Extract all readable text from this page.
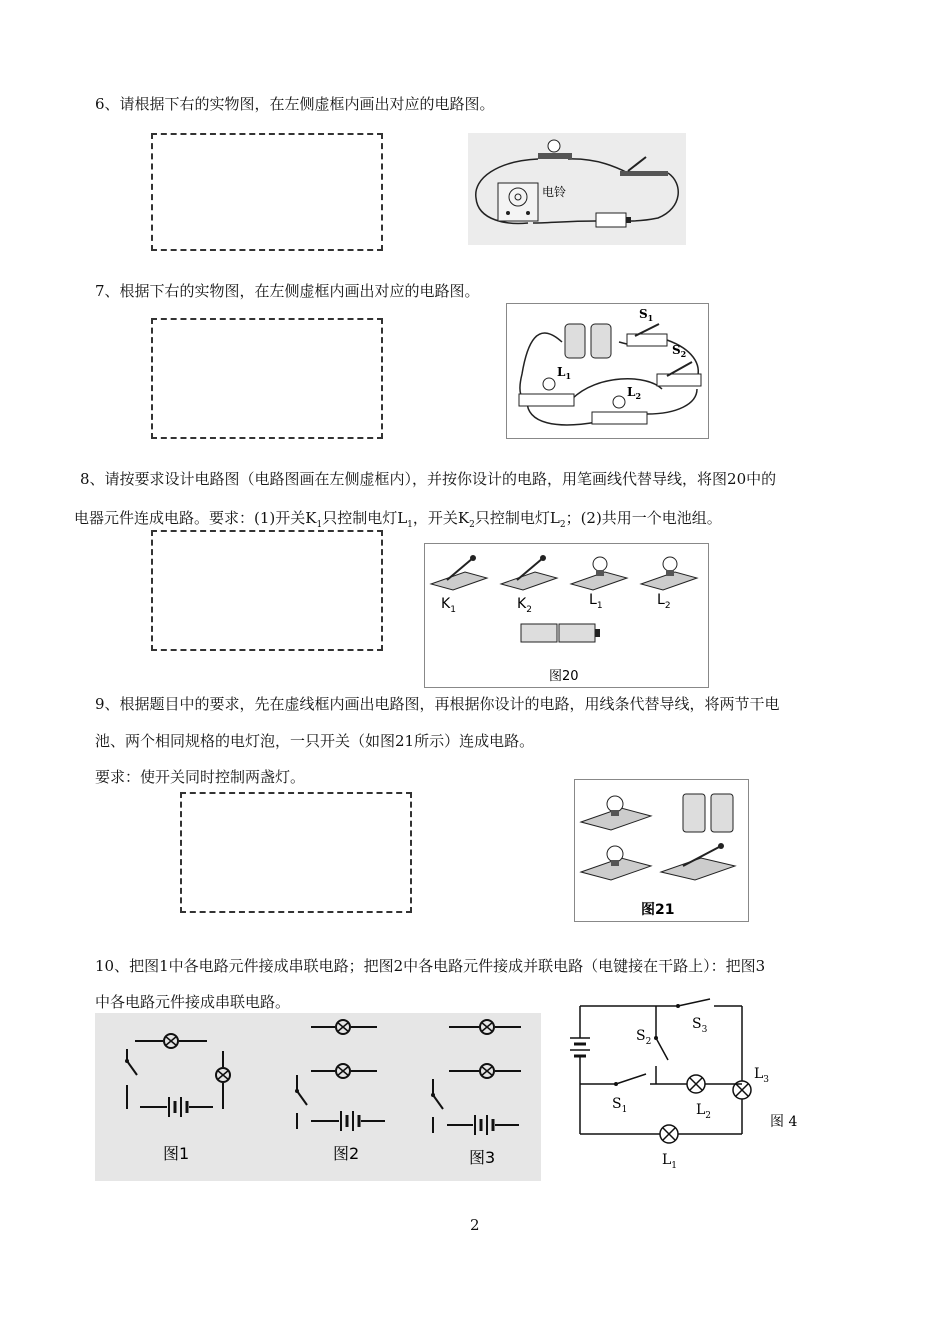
6、请根据下右的实物图，在左侧虚框内画出对应的电路图。
电铃
7、根据下右的实物图，在左侧虚框内画出对应的电路图。
$S_1$
$S_2$
$L_1$
$L_2$
8、请按要求设计电路图（电路图画在左侧虚框内），并按你设计的电路，用笔画线代替导线，将图20中的
电器元件连成电路。要求：(1)开关$K_1$只控制电灯$L_1$，开关$K_2$只控制电灯$L_2$；(2)共用一个电池组。
$K_1$	$K_2$
$L_1$	$L_2$
图20
9、根据题目中的要求，先在虚线框内画出电路图，再根据你设计的电路，用线条代替导线，将两节干电
池、两个相同规格的电灯泡，一只开关（如图21所示）连成电路。
要求：使开关同时控制两盏灯。
图21
10、把图1中各电路元件接成串联电路；把图2中各电路元件接成并联电路（电键接在干路上）：把图3
中各电路元件接成串联电路。
图1	图2	图3
$S_3$
$L_3$
$S_2$
$S_1$	$L_2$
$L_1$
图 4
2
